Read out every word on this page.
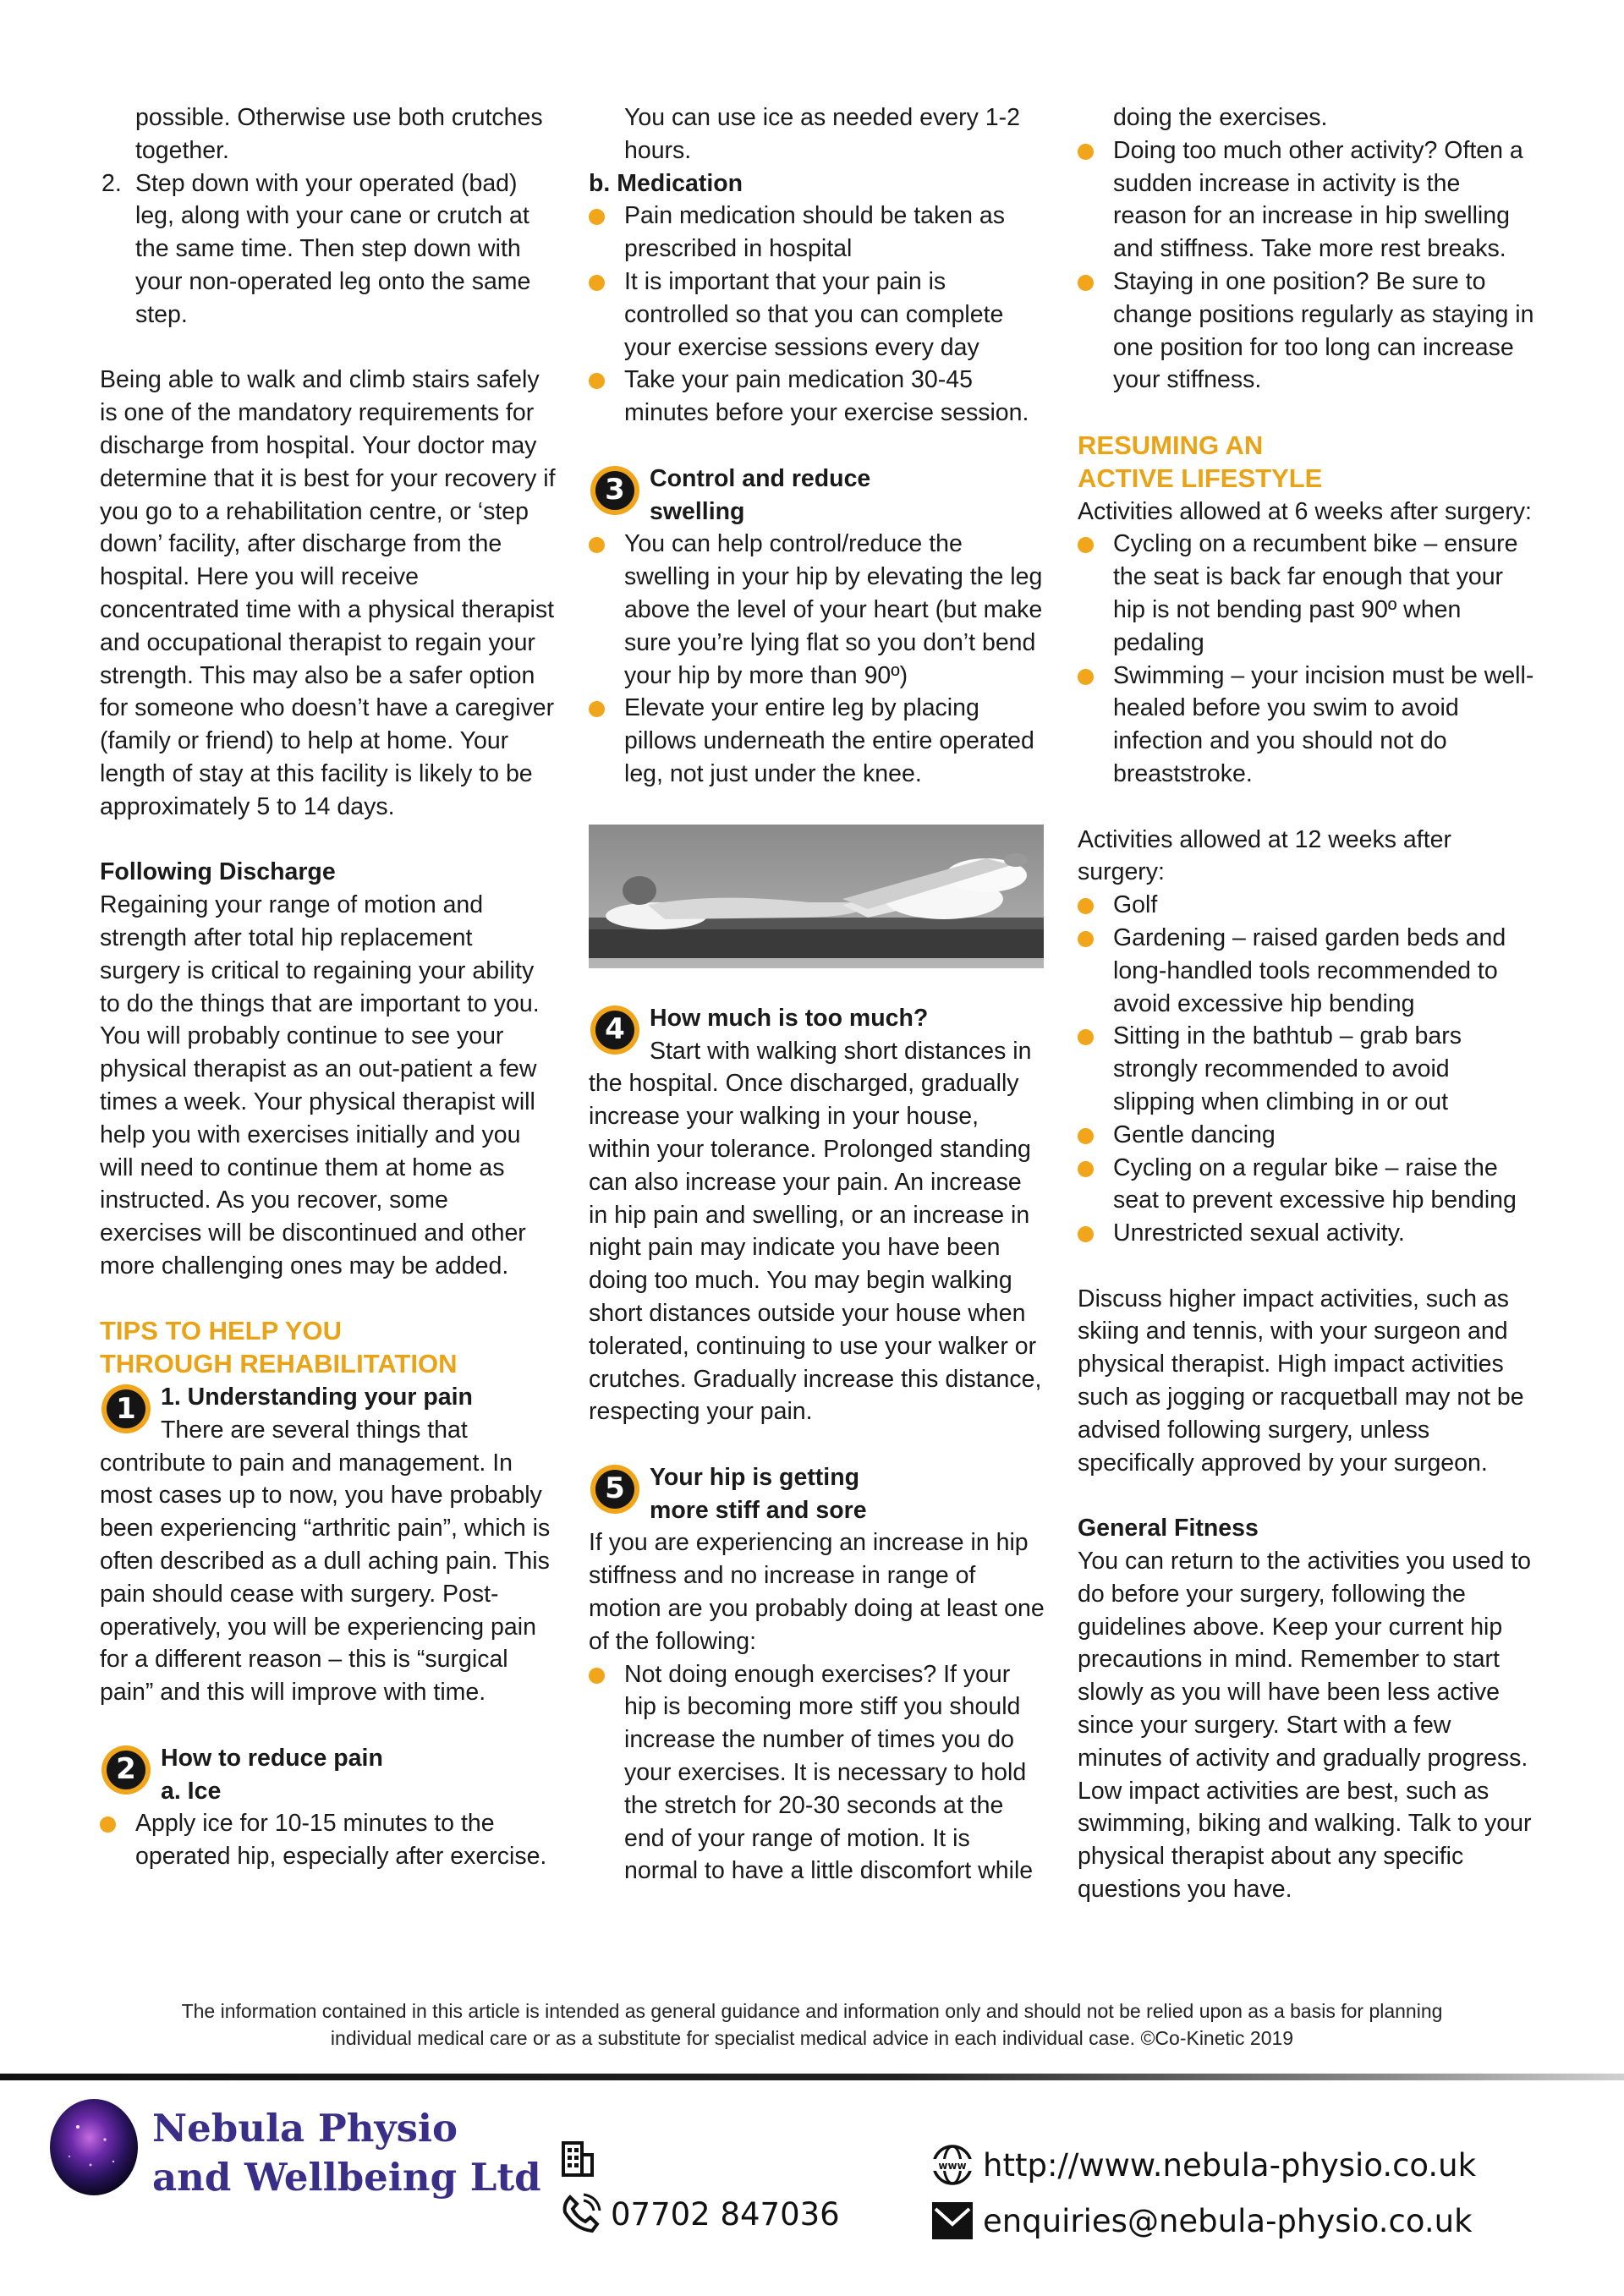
possible. Otherwise use both crutches together.
2. Step down with your operated (bad) leg, along with your cane or crutch at the same time. Then step down with your non-operated leg onto the same step.

Being able to walk and climb stairs safely is one of the mandatory requirements for discharge from hospital. Your doctor may determine that it is best for your recovery if you go to a rehabilitation centre, or ‘step down’ facility, after discharge from the hospital. Here you will receive concentrated time with a physical therapist and occupational therapist to regain your strength. This may also be a safer option for someone who doesn’t have a caregiver (family or friend) to help at home. Your length of stay at this facility is likely to be approximately 5 to 14 days.

Following Discharge

Regaining your range of motion and strength after total hip replacement surgery is critical to regaining your ability to do the things that are important to you. You will probably continue to see your physical therapist as an out-patient a few times a week. Your physical therapist will help you with exercises initially and you will need to continue them at home as instructed. As you recover, some exercises will be discontinued and other more challenging ones may be added.

TIPS TO HELP YOU
THROUGH REHABILITATION
1	1. Understanding your pain
There are several things that

contribute to pain and management. In most cases up to now, you have probably been experiencing “arthritic pain”, which is often described as a dull aching pain. This pain should cease with surgery. Post-operatively, you will be experiencing pain for a different reason – this is “surgical pain” and this will improve with time.

2	How to reduce pain
a. Ice
Apply ice for 10-15 minutes to the operated hip, especially after exercise.

You can use ice as needed every 1-2 hours.

b. Medication

Pain medication should be taken as prescribed in hospital
It is important that your pain is controlled so that you can complete your exercise sessions every day
Take your pain medication 30-45 minutes before your exercise session.
3	Control and reduce
swelling
You can help control/reduce the swelling in your hip by elevating the leg above the level of your heart (but make sure you’re lying flat so you don’t bend your hip by more than 90º)
Elevate your entire leg by placing pillows underneath the entire operated leg, not just under the knee.
4	How much is too much?
Start with walking short distances in

the hospital. Once discharged, gradually increase your walking in your house, within your tolerance. Prolonged standing can also increase your pain. An increase in hip pain and swelling, or an increase in night pain may indicate you have been doing too much. You may begin walking short distances outside your house when tolerated, continuing to use your walker or crutches. Gradually increase this distance, respecting your pain.

5	Your hip is getting
more stiff and sore

If you are experiencing an increase in hip stiffness and no increase in range of motion are you probably doing at least one of the following:

Not doing enough exercises? If your hip is becoming more stiff you should increase the number of times you do your exercises. It is necessary to hold the stretch for 20-30 seconds at the end of your range of motion. It is normal to have a little discomfort while

doing the exercises.

Doing too much other activity? Often a sudden increase in activity is the reason for an increase in hip swelling and stiffness. Take more rest breaks.
Staying in one position? Be sure to change positions regularly as staying in one position for too long can increase your stiffness.
RESUMING AN
ACTIVE LIFESTYLE

Activities allowed at 6 weeks after surgery:

Cycling on a recumbent bike – ensure the seat is back far enough that your hip is not bending past 90º when pedaling
Swimming – your incision must be well-healed before you swim to avoid infection and you should not do breaststroke.

Activities allowed at 12 weeks after surgery:

Golf
Gardening – raised garden beds and long-handled tools recommended to avoid excessive hip bending
Sitting in the bathtub – grab bars strongly recommended to avoid slipping when climbing in or out
Gentle dancing
Cycling on a regular bike – raise the seat to prevent excessive hip bending
Unrestricted sexual activity.

Discuss higher impact activities, such as skiing and tennis, with your surgeon and physical therapist. High impact activities such as jogging or racquetball may not be advised following surgery, unless specifically approved by your surgeon.

General Fitness

You can return to the activities you used to do before your surgery, following the guidelines above. Keep your current hip precautions in mind. Remember to start slowly as you will have been less active since your surgery. Start with a few minutes of activity and gradually progress. Low impact activities are best, such as swimming, biking and walking. Talk to your physical therapist about any specific questions you have.

The information contained in this article is intended as general guidance and information only and should not be relied upon as a basis for planning
individual medical care or as a substitute for specialist medical advice in each individual case. ©Co-Kinetic 2019
Nebula Physio
and Wellbeing Ltd
07702 847036
www http://www.nebula-physio.co.uk
enquiries@nebula-physio.co.uk
